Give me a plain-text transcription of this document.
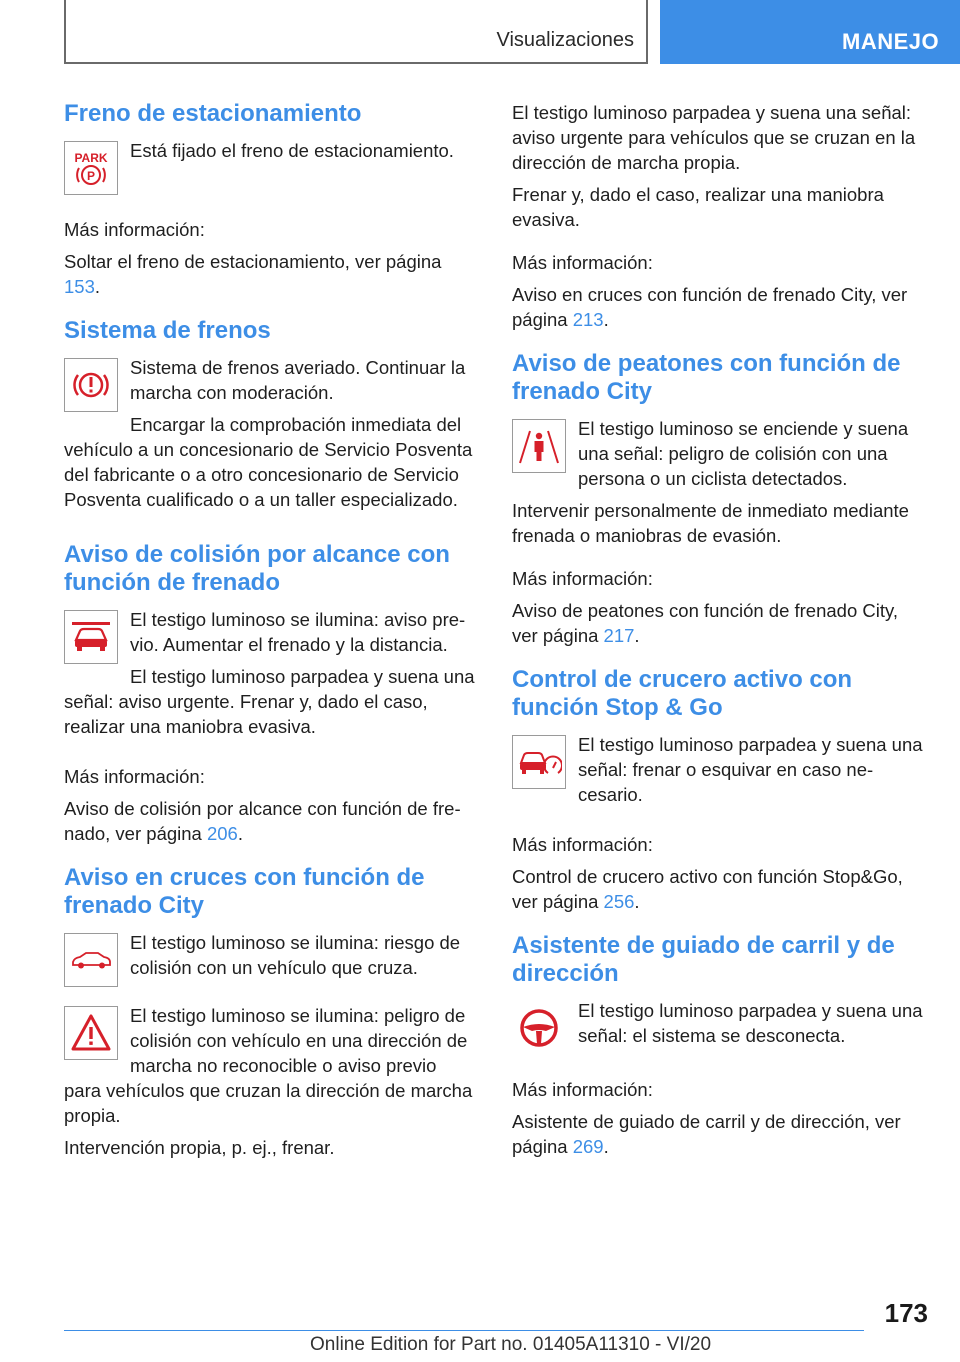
Visualizaciones	MANEJO
Freno de estacionamiento
PARK
P

Está fijado el freno de estacionamiento.

Más información:

Soltar el freno de estacionamiento, ver página 153.

Sistema de frenos

Sistema de frenos averiado. Continuar la marcha con moderación.

Encargar la comprobación inmediata del vehículo a un concesionario de Servicio Posventa del fabricante o a otro concesionario de Servicio Posventa cualificado o a un taller especializado.

Aviso de colisión por alcance con función de frenado

El testigo luminoso se ilumina: aviso previo. Aumentar el frenado y la distancia.

El testigo luminoso parpadea y suena una señal: aviso urgente. Frenar y, dado el caso, realizar una maniobra evasiva.

Más información:

Aviso de colisión por alcance con función de frenado, ver página 206.

Aviso en cruces con función de frenado City

El testigo luminoso se ilumina: riesgo de colisión con un vehículo que cruza.

El testigo luminoso se ilumina: peligro de colisión con vehículo en una dirección de marcha no reconocible o aviso previo para vehículos que cruzan la dirección de marcha propia.

Intervención propia, p. ej., frenar.

El testigo luminoso parpadea y suena una señal: aviso urgente para vehículos que se cruzan en la dirección de marcha propia.

Frenar y, dado el caso, realizar una maniobra evasiva.

Más información:

Aviso en cruces con función de frenado City, ver página 213.

Aviso de peatones con función de frenado City

El testigo luminoso se enciende y suena una señal: peligro de colisión con una persona o un ciclista detectados.

Intervenir personalmente de inmediato mediante frenada o maniobras de evasión.

Más información:

Aviso de peatones con función de frenado City, ver página 217.

Control de crucero activo con función Stop & Go

El testigo luminoso parpadea y suena una señal: frenar o esquivar en caso necesario.

Más información:

Control de crucero activo con función Stop&Go, ver página 256.

Asistente de guiado de carril y de dirección

El testigo luminoso parpadea y suena una señal: el sistema se desconecta.

Más información:

Asistente de guiado de carril y de dirección, ver página 269.

173
Online Edition for Part no. 01405A11310 - VI/20
